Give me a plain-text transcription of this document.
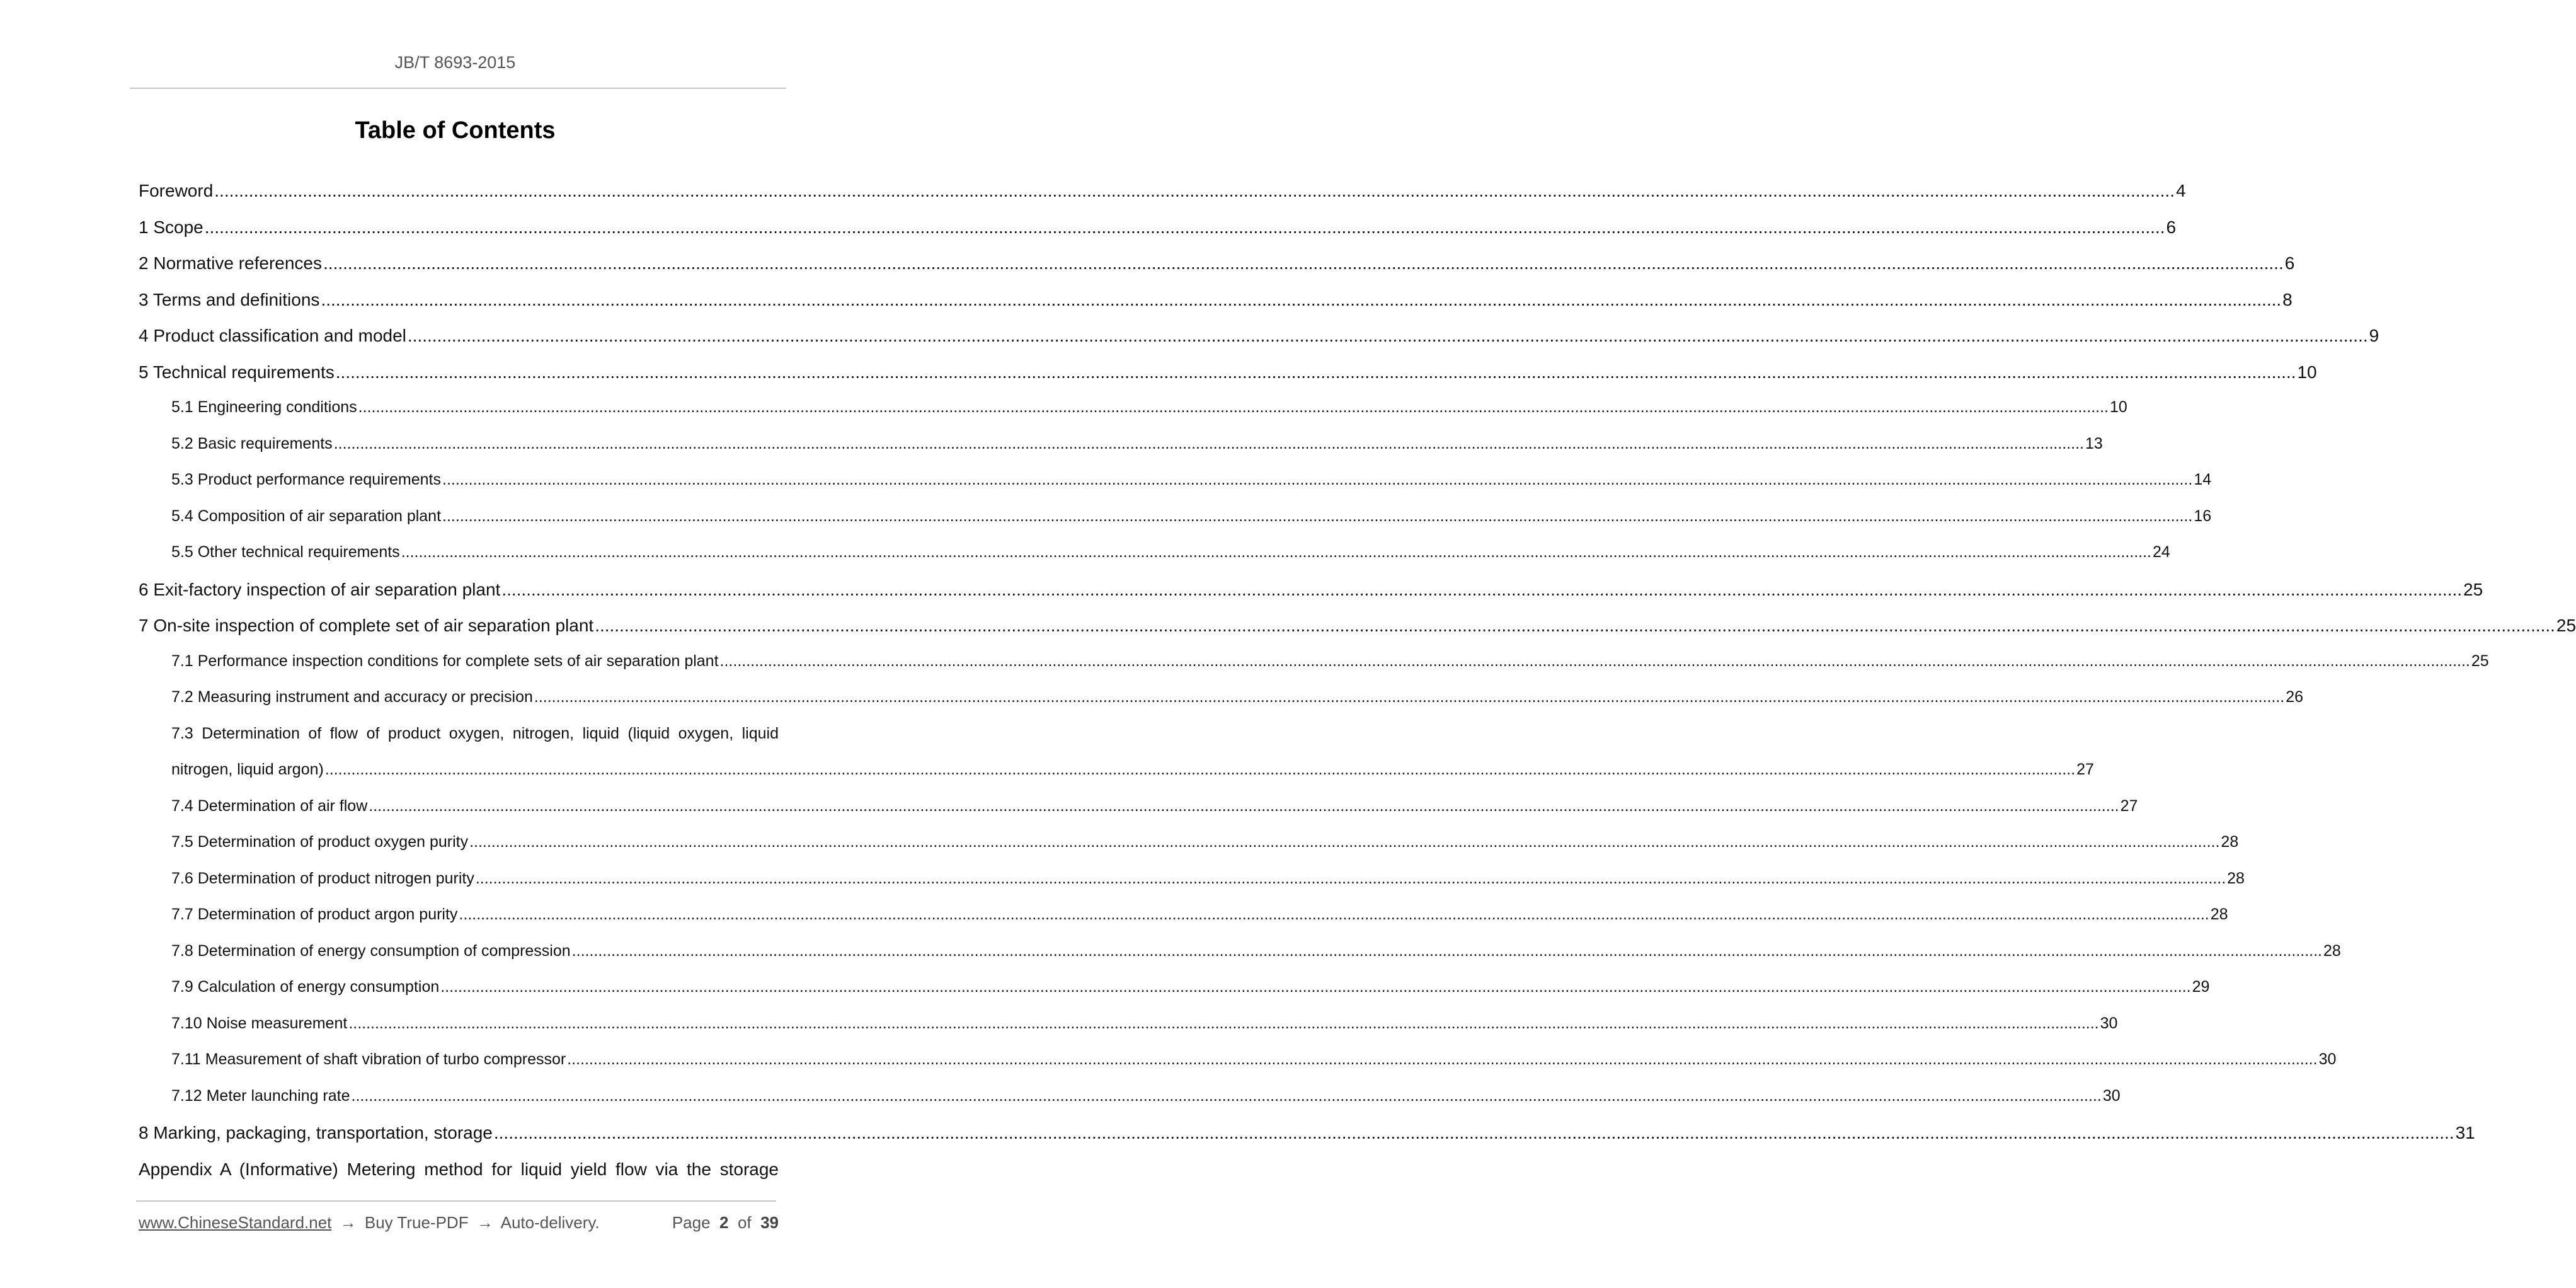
JB/T 8693-2015
Table of Contents
Foreword ................................................................................................................................................................................................................................................................................................................................................................................................................ 4
1 Scope ................................................................................................................................................................................................................................................................................................................................................................................................................ 6
2 Normative references ................................................................................................................................................................................................................................................................................................................................................................................................................ 6
3 Terms and definitions ................................................................................................................................................................................................................................................................................................................................................................................................................ 8
4 Product classification and model ................................................................................................................................................................................................................................................................................................................................................................................................................ 9
5 Technical requirements ................................................................................................................................................................................................................................................................................................................................................................................................................ 10
5.1 Engineering conditions ................................................................................................................................................................................................................................................................................................................................................................................................................ 10
5.2 Basic requirements ................................................................................................................................................................................................................................................................................................................................................................................................................ 13
5.3 Product performance requirements ................................................................................................................................................................................................................................................................................................................................................................................................................ 14
5.4 Composition of air separation plant ................................................................................................................................................................................................................................................................................................................................................................................................................ 16
5.5 Other technical requirements ................................................................................................................................................................................................................................................................................................................................................................................................................ 24
6 Exit-factory inspection of air separation plant ................................................................................................................................................................................................................................................................................................................................................................................................................ 25
7 On-site inspection of complete set of air separation plant ................................................................................................................................................................................................................................................................................................................................................................................................................ 25
7.1 Performance inspection conditions for complete sets of air separation plant ................................................................................................................................................................................................................................................................................................................................................................................................................ 25
7.2 Measuring instrument and accuracy or precision ................................................................................................................................................................................................................................................................................................................................................................................................................ 26
7.3 Determination of flow of product oxygen, nitrogen, liquid (liquid oxygen, liquid
nitrogen, liquid argon) ................................................................................................................................................................................................................................................................................................................................................................................................................ 27
7.4 Determination of air flow ................................................................................................................................................................................................................................................................................................................................................................................................................ 27
7.5 Determination of product oxygen purity ................................................................................................................................................................................................................................................................................................................................................................................................................ 28
7.6 Determination of product nitrogen purity ................................................................................................................................................................................................................................................................................................................................................................................................................ 28
7.7 Determination of product argon purity ................................................................................................................................................................................................................................................................................................................................................................................................................ 28
7.8 Determination of energy consumption of compression ................................................................................................................................................................................................................................................................................................................................................................................................................ 28
7.9 Calculation of energy consumption ................................................................................................................................................................................................................................................................................................................................................................................................................ 29
7.10 Noise measurement ................................................................................................................................................................................................................................................................................................................................................................................................................ 30
7.11 Measurement of shaft vibration of turbo compressor ................................................................................................................................................................................................................................................................................................................................................................................................................ 30
7.12 Meter launching rate ................................................................................................................................................................................................................................................................................................................................................................................................................ 30
8 Marking, packaging, transportation, storage ................................................................................................................................................................................................................................................................................................................................................................................................................ 31
Appendix A (Informative) Metering method for liquid yield flow via the storage
www.ChineseStandard.net → Buy True-PDF → Auto-delivery.	Page 2 of 39
